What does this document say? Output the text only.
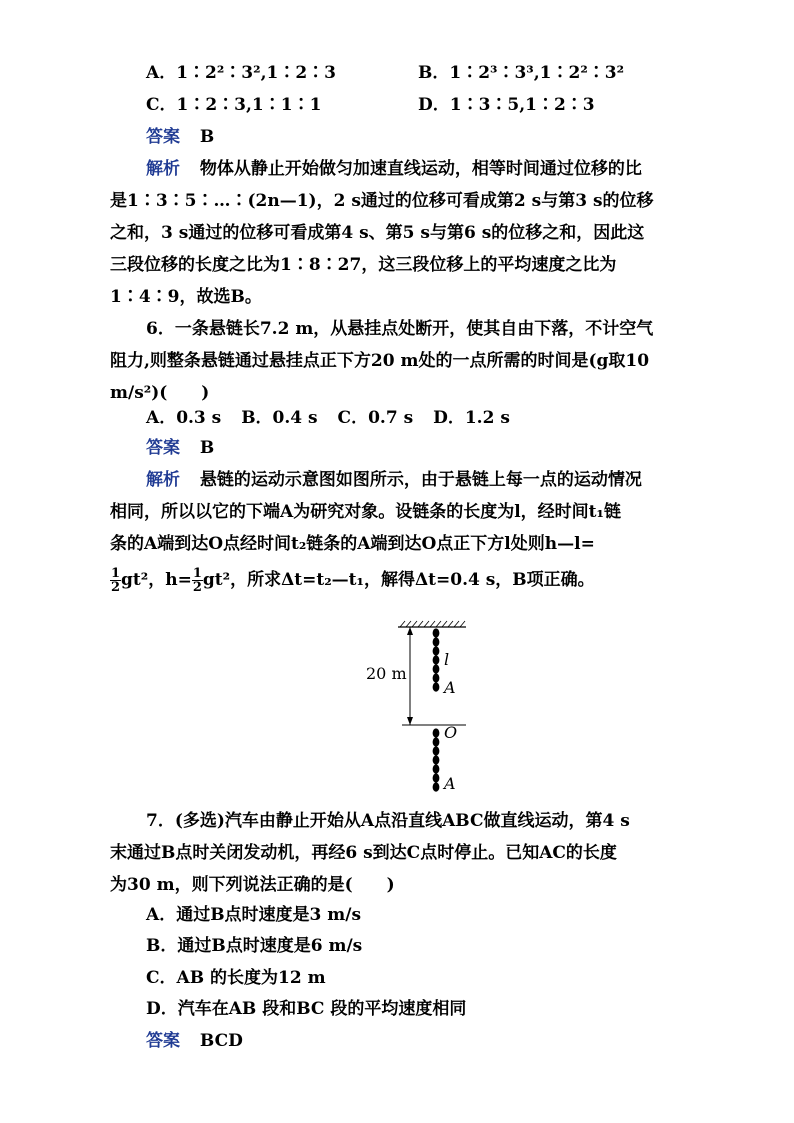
A．1∶2²∶3²,1∶2∶3	B．1∶2³∶3³,1∶2²∶3²
C．1∶2∶3,1∶1∶1	D．1∶3∶5,1∶2∶3
答案 B
解析 物体从静止开始做匀加速直线运动，相等时间通过位移的比
是1∶3∶5∶…∶(2n—1)，2 s通过的位移可看成第2 s与第3 s的位移
之和，3 s通过的位移可看成第4 s、第5 s与第6 s的位移之和，因此这
三段位移的长度之比为1∶8∶27，这三段位移上的平均速度之比为
1∶4∶9，故选B。
6．一条悬链长7.2 m，从悬挂点处断开，使其自由下落，不计空气
阻力,则整条悬链通过悬挂点正下方20 m处的一点所需的时间是(g取10
m/s²)(　　)
A．0.3 s B．0.4 s C．0.7 s D．1.2 s
答案 B
解析 悬链的运动示意图如图所示，由于悬链上每一点的运动情况
相同，所以以它的下端A为研究对象。设链条的长度为l，经时间t₁链
条的A端到达O点经时间t₂链条的A端到达O点正下方l处则h—l=
$\frac{1}{2} gt^2$，$h= \frac{1}{2} gt^2$，所求Δt=t₂—t₁，解得Δt=0.4 s，B项正确。
20 m
l
A
O
A
7．(多选)汽车由静止开始从A点沿直线ABC做直线运动，第4 s
末通过B点时关闭发动机，再经6 s到达C点时停止。已知AC的长度
为30 m，则下列说法正确的是(　　)
A．通过B点时速度是3 m/s
B．通过B点时速度是6 m/s
C．AB 的长度为12 m
D．汽车在AB 段和BC 段的平均速度相同
答案 BCD
